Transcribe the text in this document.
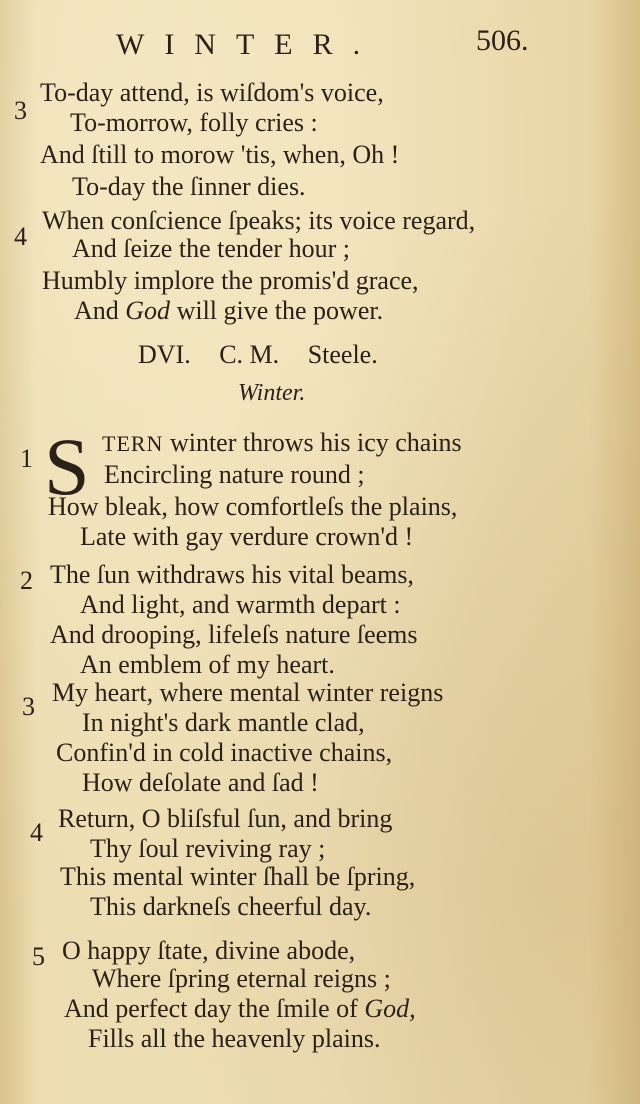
WINTER.	506.
3
To-day attend, is wiſdom's voice,
To-morrow, folly cries :
And ſtill to morow 'tis, when, Oh !
To-day the ſinner dies.
4
When conſcience ſpeaks; its voice regard,
And ſeize the tender hour ;
Humbly implore the promis'd grace,
And God will give the power.
DVI. C. M. Steele.
Winter.
1 S TERN winter throws his icy chains
Encircling nature round ;
How bleak, how comfortleſs the plains,
Late with gay verdure crown'd !
2 The ſun withdraws his vital beams,
And light, and warmth depart :
And drooping, lifeleſs nature ſeems
An emblem of my heart.
3 My heart, where mental winter reigns
In night's dark mantle clad,
Confin'd in cold inactive chains,
How deſolate and ſad !
4 Return, O bliſsful ſun, and bring
Thy ſoul reviving ray ;
This mental winter ſhall be ſpring,
This darkneſs cheerful day.
5 O happy ſtate, divine abode,
Where ſpring eternal reigns ;
And perfect day the ſmile of God,
Fills all the heavenly plains.
